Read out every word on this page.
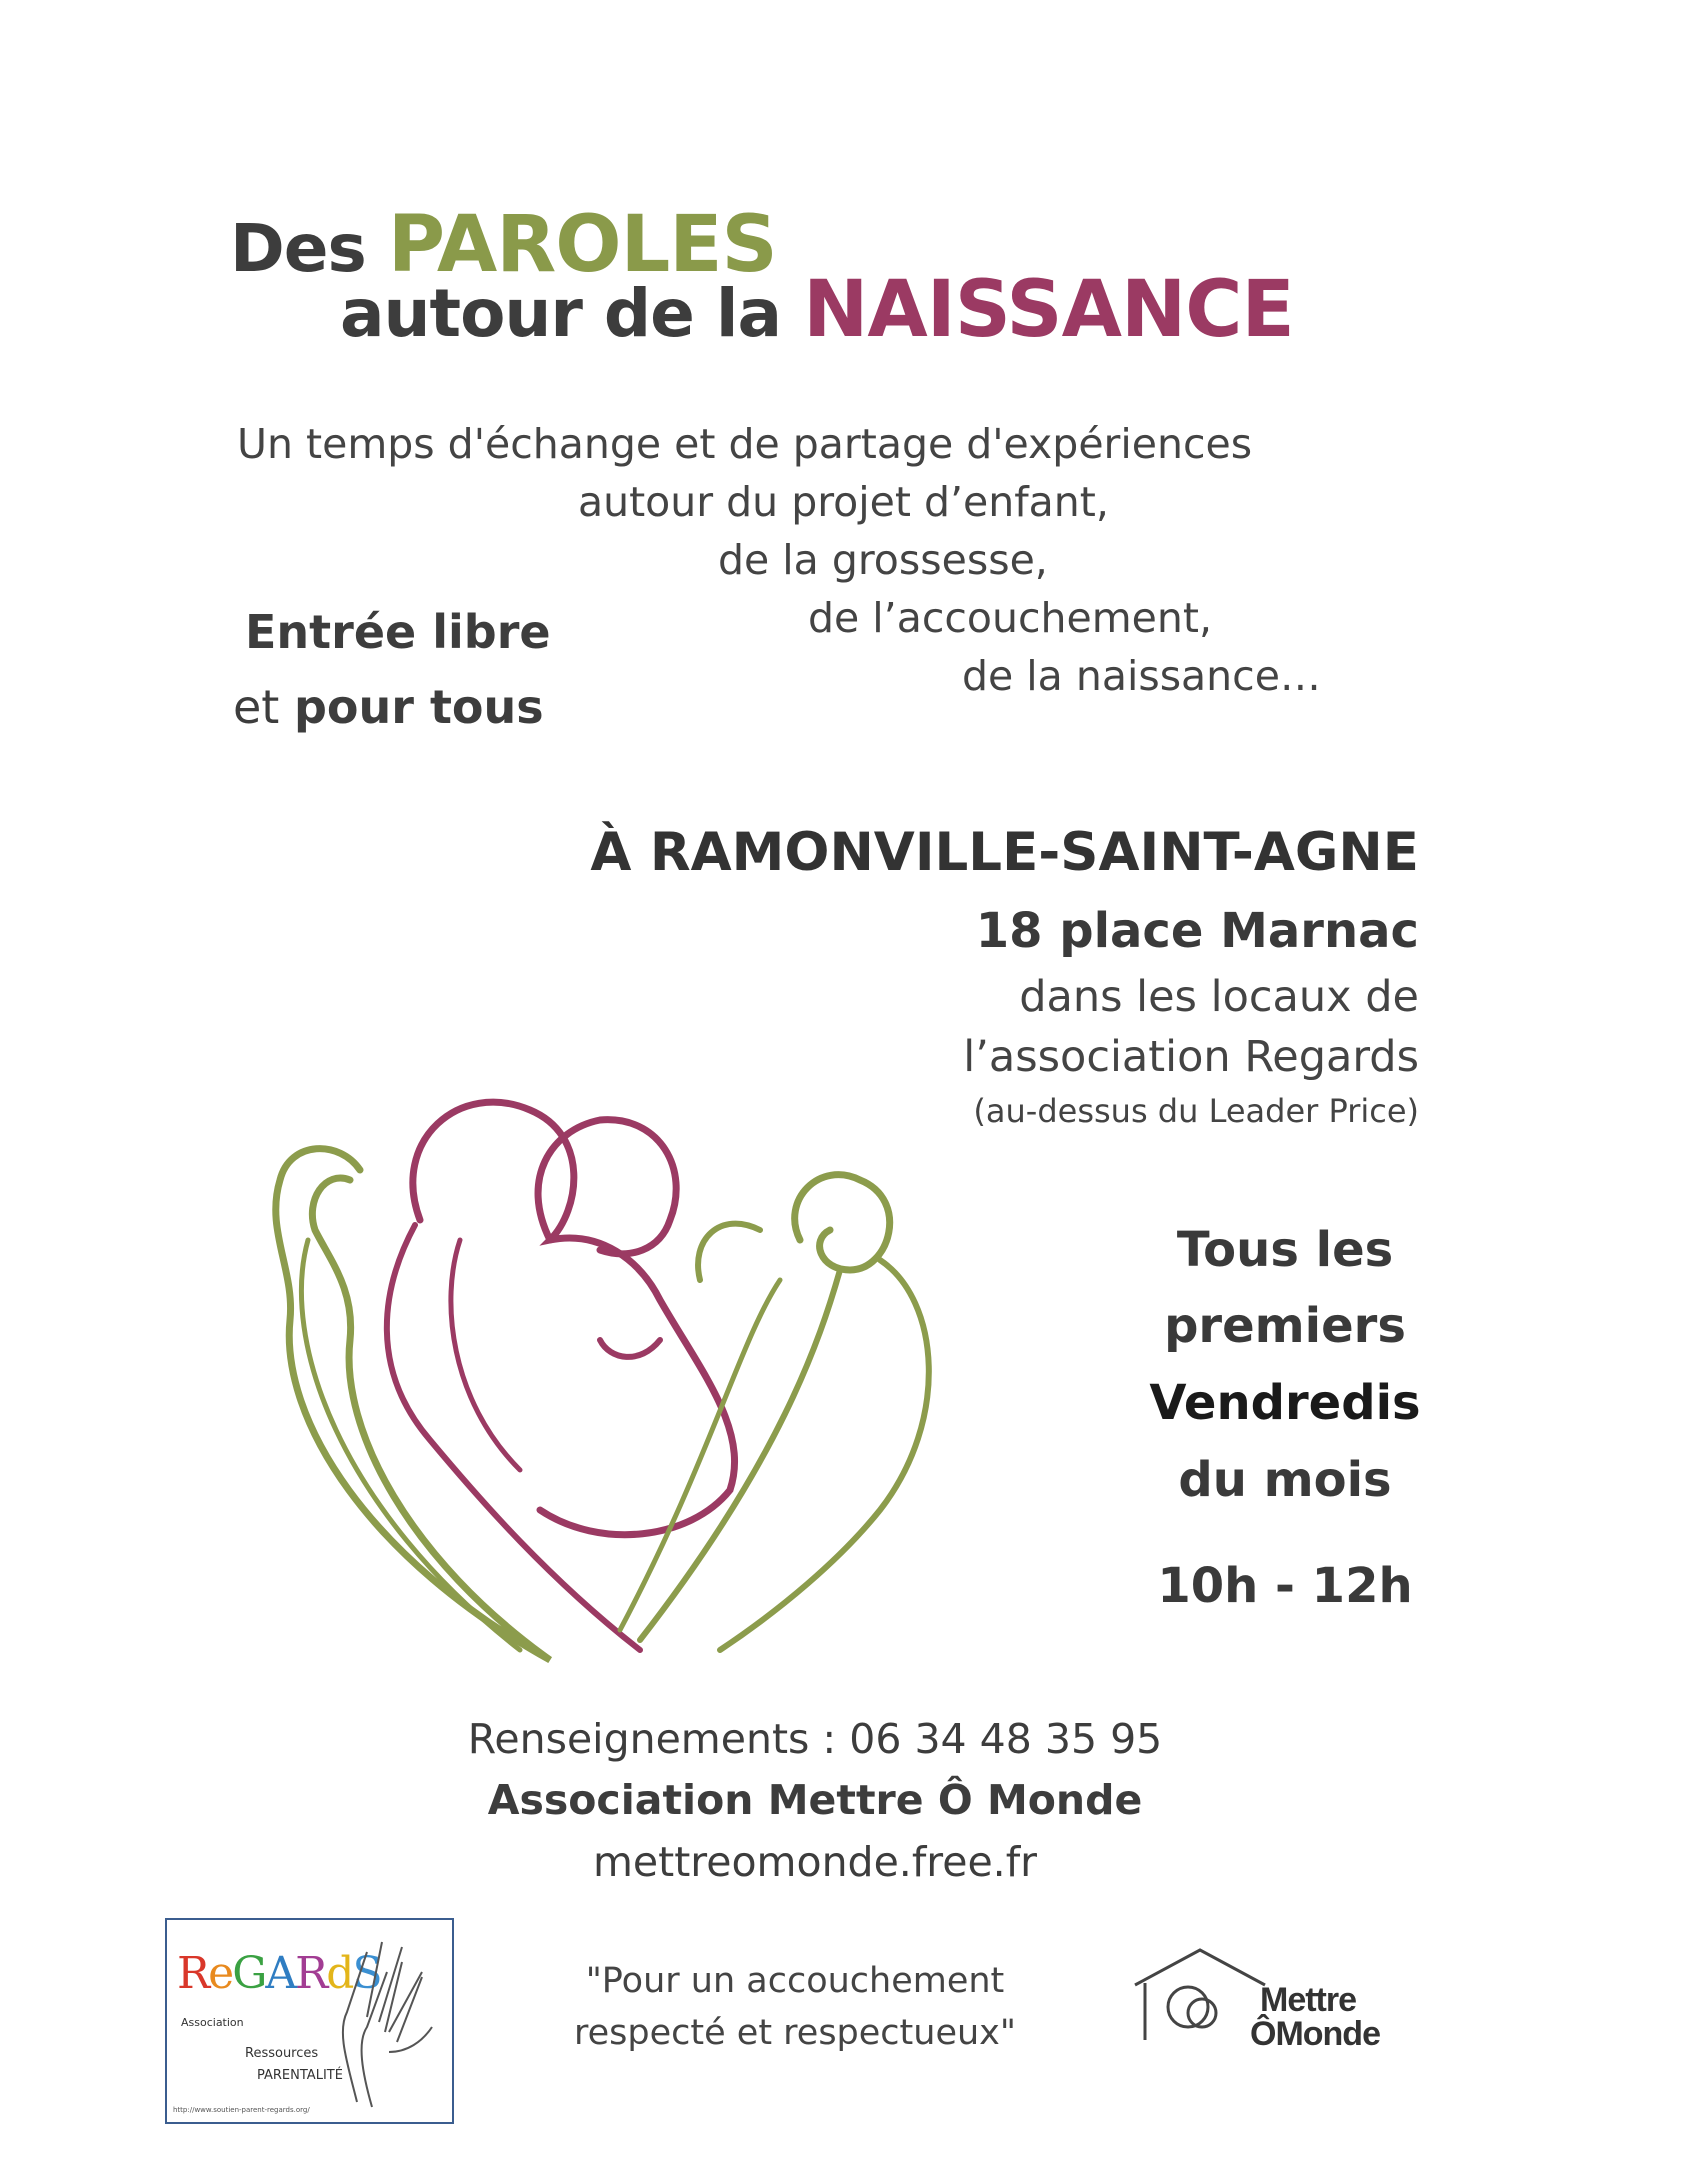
Des PAROLES
autour de la NAISSANCE
Un temps d'échange et de partage d'expériences
autour du projet d’enfant,
de la grossesse,
de l’accouchement,
de la naissance…
Entrée libre
et pour tous
À RAMONVILLE-SAINT-AGNE
18 place Marnac
dans les locaux de
l’association Regards
(au-dessus du Leader Price)
Tous les
premiers
Vendredis
du mois
10h - 12h
Renseignements : 06 34 48 35 95
Association Mettre Ô Monde
mettreomonde.free.fr
ReGARdS
Association
Ressources
PARENTALITÉ
http://www.soutien-parent-regards.org/
"Pour un accouchement
respecté et respectueux"
Mettre
ÔMonde
